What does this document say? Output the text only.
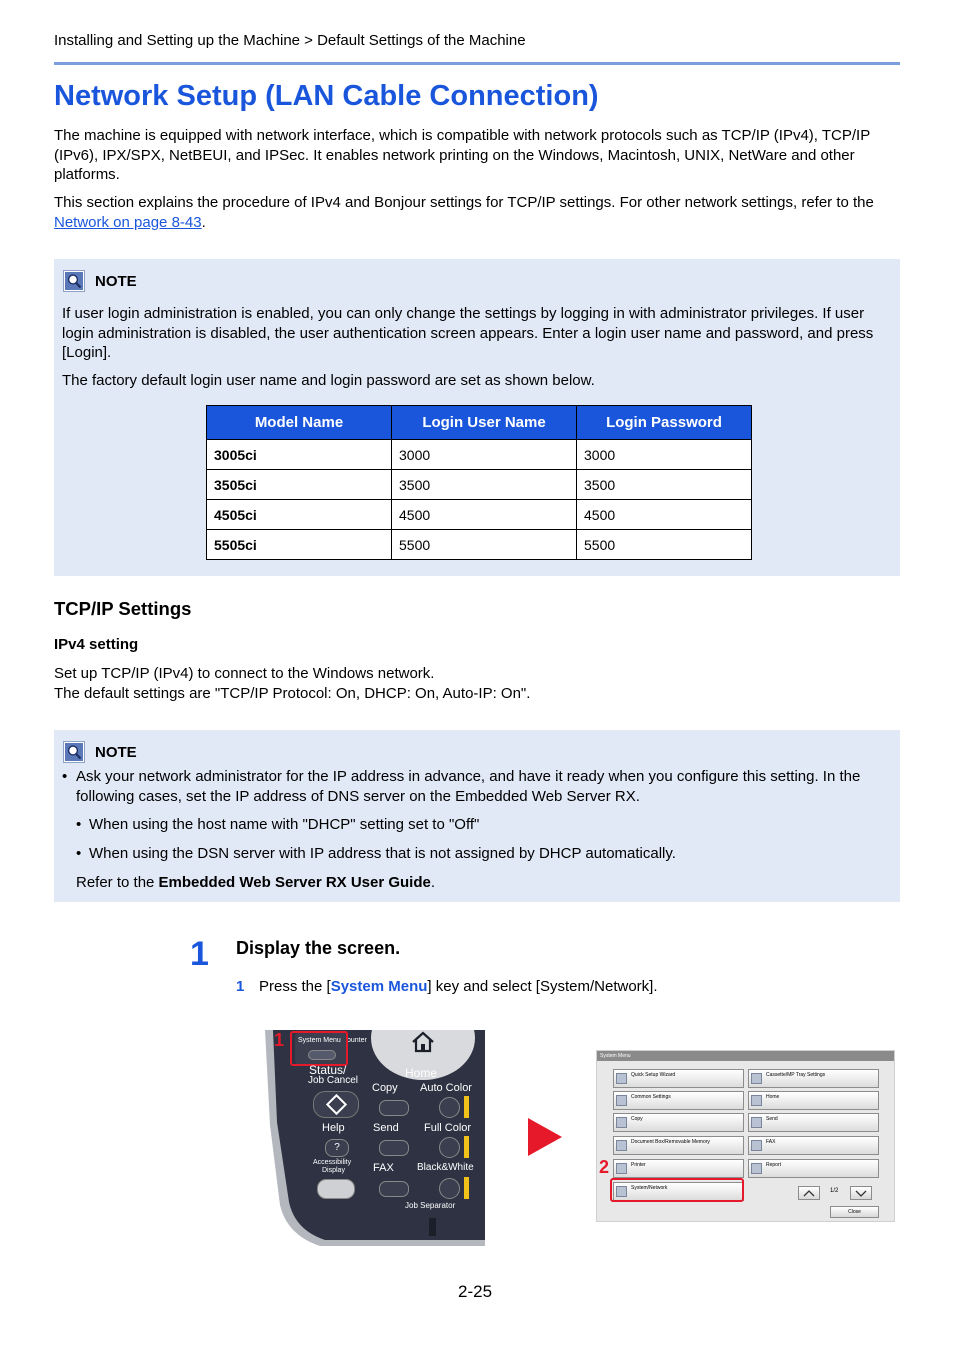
Installing and Setting up the Machine > Default Settings of the Machine
Network Setup (LAN Cable Connection)

The machine is equipped with network interface, which is compatible with network protocols such as TCP/IP (IPv4), TCP/IP (IPv6), IPX/SPX, NetBEUI, and IPSec. It enables network printing on the Windows, Macintosh, UNIX, NetWare and other platforms.

This section explains the procedure of IPv4 and Bonjour settings for TCP/IP settings. For other network settings, refer to the Network on page 8-43.

NOTE

If user login administration is enabled, you can only change the settings by logging in with administrator privileges. If user login administration is disabled, the user authentication screen appears. Enter a login user name and password, and press [Login].

The factory default login user name and login password are set as shown below.

Model Name	Login User Name	Login Password
3005ci	3000	3000
3505ci	3500	3500
4505ci	4500	4500
5505ci	5500	5500
TCP/IP Settings
IPv4 setting

Set up TCP/IP (IPv4) to connect to the Windows network.

The default settings are "TCP/IP Protocol: On, DHCP: On, Auto-IP: On".

NOTE
• Ask your network administrator for the IP address in advance, and have it ready when you configure this setting. In the following cases, set the IP address of DNS server on the Embedded Web Server RX.

• When using the host name with "DHCP" setting set to "Off"

• When using the DSN server with IP address that is not assigned by DHCP automatically.

Refer to the Embedded Web Server RX User Guide.

1 Display the screen.
1 Press the [System Menu] key and select [System/Network].
System Menu ounter
1
Home
Status/
Job Cancel
Copy Auto Color
Help
?
Send Full Color
Accessibility
Display	FAX Black&White
Job Separator
System Menu
Quick Setup Wizard	Cassette/MP Tray Settings
Common Settings	Home
Copy	Send
Document Box/Removable Memory	FAX
Printer	Report
System/Network
2
1/2
Close
2-25
